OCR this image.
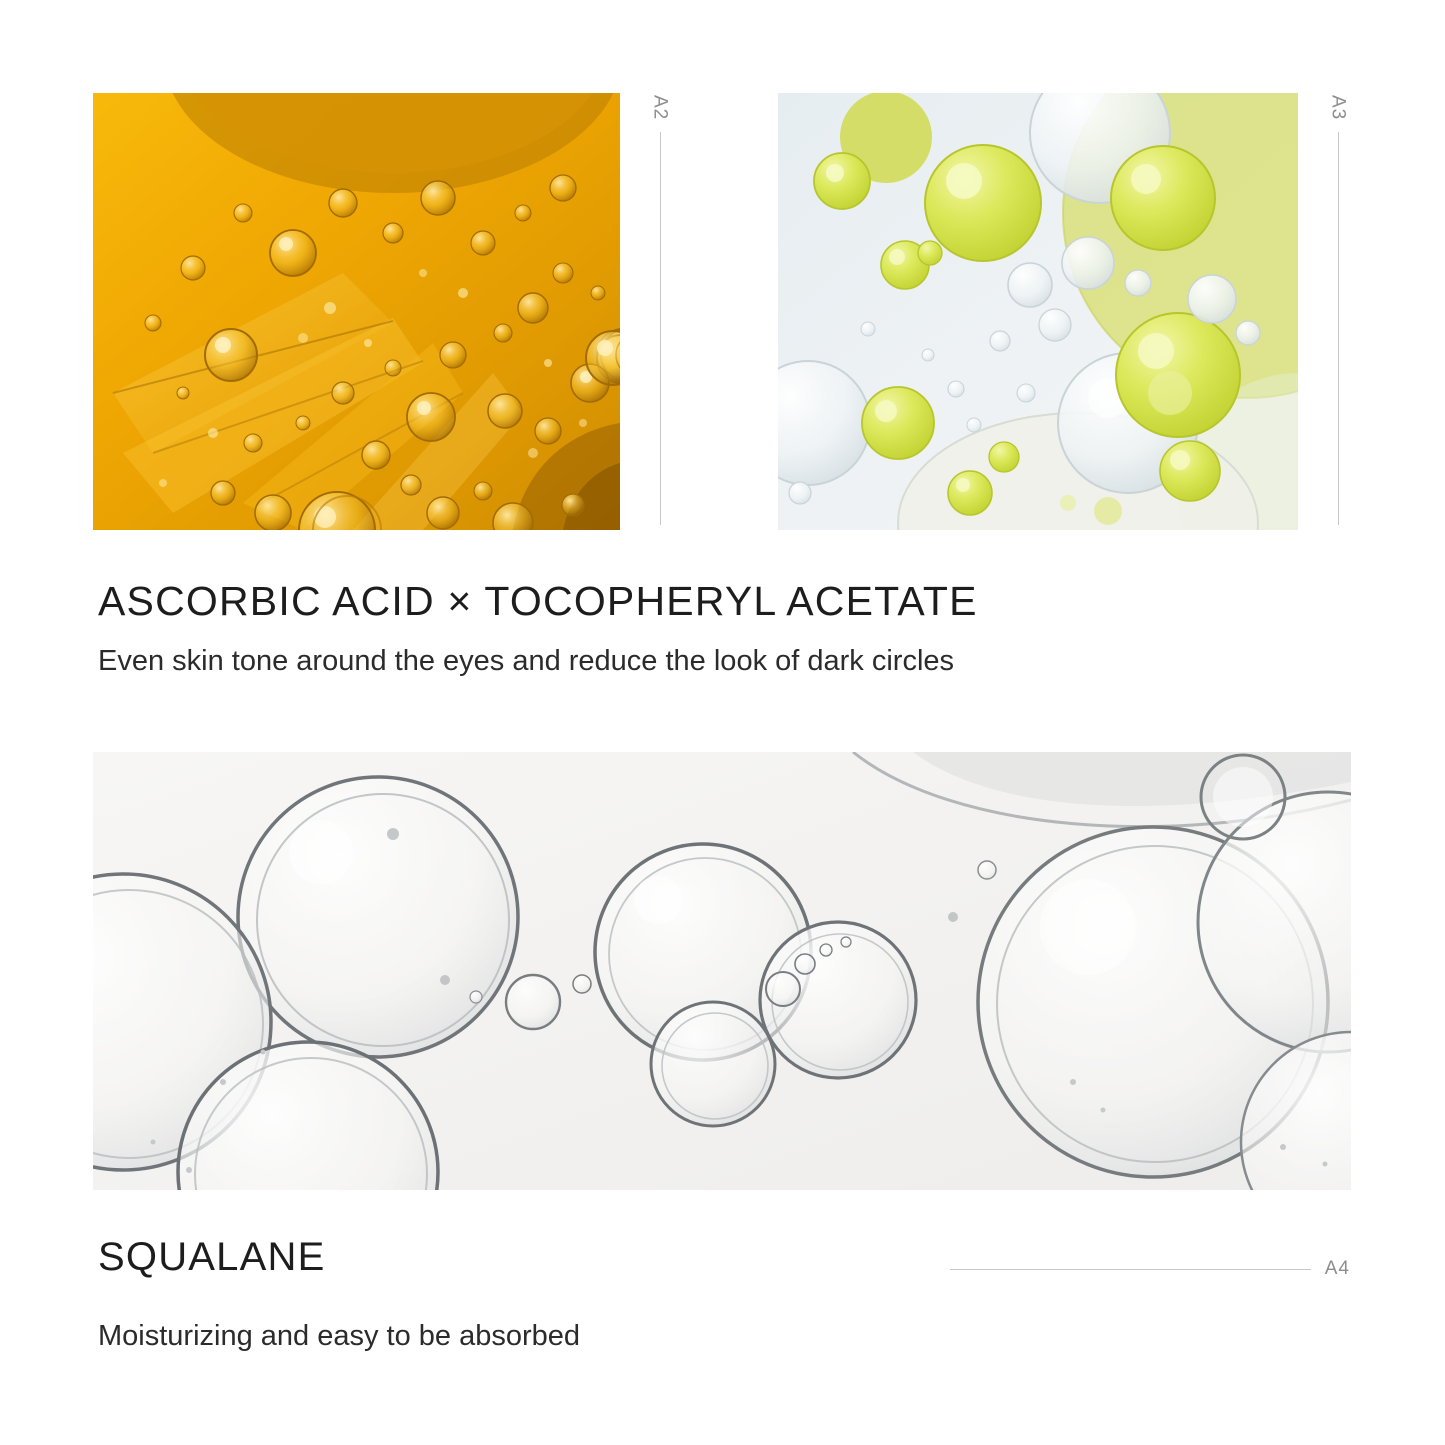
A2	A3
ASCORBIC ACID × TOCOPHERYL ACETATE
Even skin tone around the eyes and reduce the look of dark circles
A4
SQUALANE
Moisturizing and easy to be absorbed
